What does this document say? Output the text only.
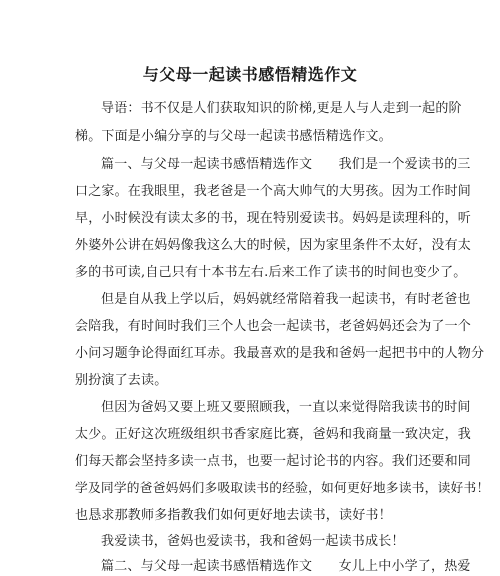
与父母一起读书感悟精选作文
导语：书不仅是人们获取知识的阶梯,更是人与人走到一起的阶
梯。下面是小编分享的与父母一起读书感悟精选作文。
篇一、与父母一起读书感悟精选作文　　我们是一个爱读书的三
口之家。在我眼里，我老爸是一个高大帅气的大男孩。因为工作时间
早，小时候没有读太多的书，现在特别爱读书。妈妈是读理科的，听
外婆外公讲在妈妈像我这么大的时候，因为家里条件不太好，没有太
多的书可读,自己只有十本书左右.后来工作了读书的时间也变少了。
但是自从我上学以后，妈妈就经常陪着我一起读书，有时老爸也
会陪我，有时间时我们三个人也会一起读书，老爸妈妈还会为了一个
小问习题争论得面红耳赤。我最喜欢的是我和爸妈一起把书中的人物分
别扮演了去读。
但因为爸妈又要上班又要照顾我，一直以来觉得陪我读书的时间
太少。正好这次班级组织书香家庭比赛，爸妈和我商量一致决定，我
们每天都会坚持多读一点书，也要一起讨论书的内容。我们还要和同
学及同学的爸爸妈妈们多吸取读书的经验，如何更好地多读书，读好书！
也恳求那教师多指教我们如何更好地去读书，读好书！
我爱读书，爸妈也爱读书，我和爸妈一起读书成长！
篇二、与父母一起读书感悟精选作文　　女儿上中小学了，热爱
